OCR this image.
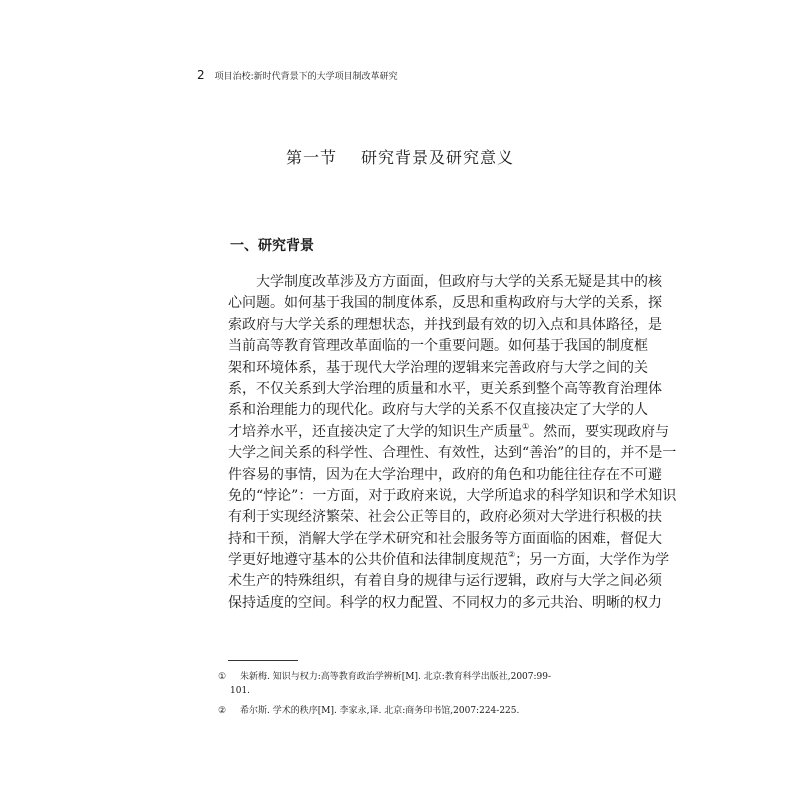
2 项目治校:新时代背景下的大学项目制改革研究
第一节 研究背景及研究意义
一、研究背景
　　大学制度改革涉及方方面面，但政府与大学的关系无疑是其中的核
心问题。如何基于我国的制度体系，反思和重构政府与大学的关系，探
索政府与大学关系的理想状态，并找到最有效的切入点和具体路径，是
当前高等教育管理改革面临的一个重要问题。如何基于我国的制度框
架和环境体系，基于现代大学治理的逻辑来完善政府与大学之间的关
系，不仅关系到大学治理的质量和水平，更关系到整个高等教育治理体
系和治理能力的现代化。政府与大学的关系不仅直接决定了大学的人
才培养水平，还直接决定了大学的知识生产质量①。然而，要实现政府与
大学之间关系的科学性、合理性、有效性，达到“善治”的目的，并不是一
件容易的事情，因为在大学治理中，政府的角色和功能往往存在不可避
免的“悖论”：一方面，对于政府来说，大学所追求的科学知识和学术知识
有利于实现经济繁荣、社会公正等目的，政府必须对大学进行积极的扶
持和干预，消解大学在学术研究和社会服务等方面面临的困难，督促大
学更好地遵守基本的公共价值和法律制度规范②；另一方面，大学作为学
术生产的特殊组织，有着自身的规律与运行逻辑，政府与大学之间必须
保持适度的空间。科学的权力配置、不同权力的多元共治、明晰的权力
①	朱新梅. 知识与权力:高等教育政治学辨析[M]. 北京:教育科学出版社,2007:99-
101.
②	希尔斯. 学术的秩序[M]. 李家永,译. 北京:商务印书馆,2007:224-225.
